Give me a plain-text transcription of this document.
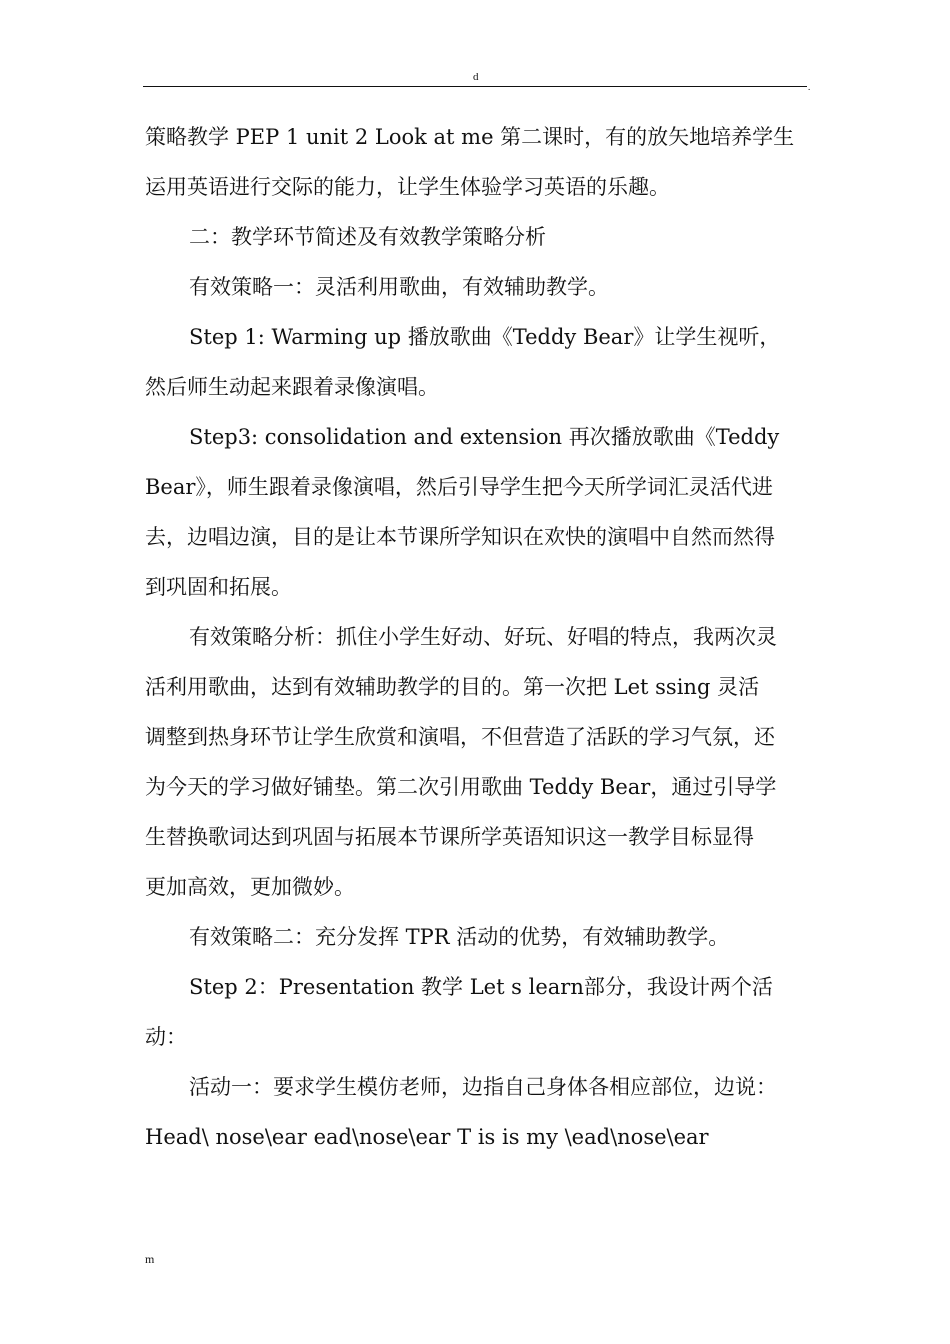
d
.
策略教学 PEP 1 unit 2 Look at me 第二课时，有的放矢地培养学生
运用英语进行交际的能力，让学生体验学习英语的乐趣。
二：教学环节简述及有效教学策略分析
有效策略一：灵活利用歌曲，有效辅助教学。
Step 1: Warming up 播放歌曲《Teddy Bear》让学生视听，
然后师生动起来跟着录像演唱。
Step3: consolidation and extension 再次播放歌曲《Teddy
Bear》，师生跟着录像演唱，然后引导学生把今天所学词汇灵活代进
去，边唱边演，目的是让本节课所学知识在欢快的演唱中自然而然得
到巩固和拓展。
有效策略分析：抓住小学生好动、好玩、好唱的特点，我两次灵
活利用歌曲，达到有效辅助教学的目的。第一次把 Let ssing 灵活
调整到热身环节让学生欣赏和演唱，不但营造了活跃的学习气氛，还
为今天的学习做好铺垫。第二次引用歌曲 Teddy Bear，通过引导学
生替换歌词达到巩固与拓展本节课所学英语知识这一教学目标显得
更加高效，更加微妙。
有效策略二：充分发挥 TPR 活动的优势，有效辅助教学。
Step 2：Presentation 教学 Let s learn部分，我设计两个活
动：
活动一：要求学生模仿老师，边指自己身体各相应部位，边说：
Head\ nose\ear ead\nose\ear T is is my \ead\nose\ear
m
